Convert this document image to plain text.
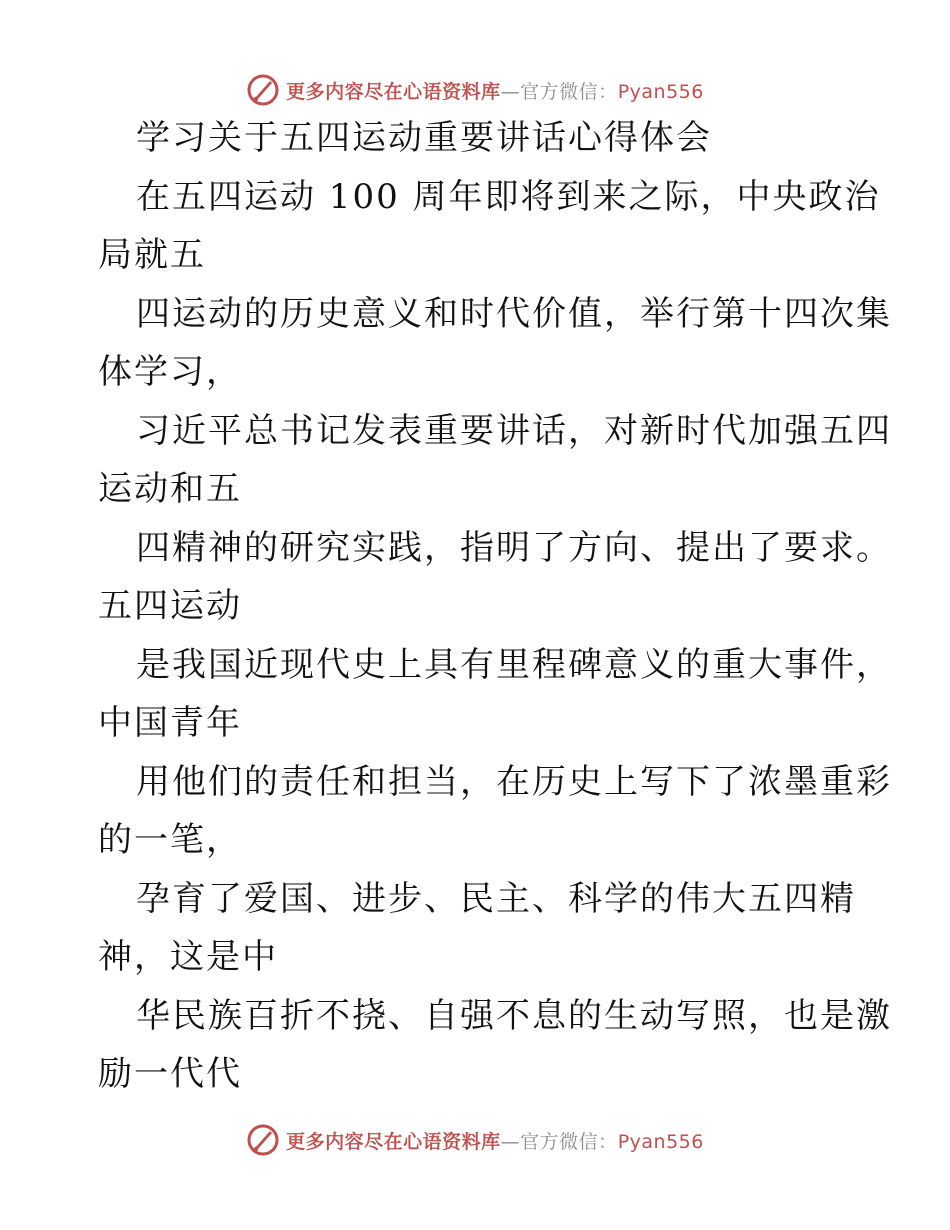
更多内容尽在心语资料库—官方微信：Pyan556
学习关于五四运动重要讲话心得体会
在五四运动 100 周年即将到来之际，中央政治
局就五
四运动的历史意义和时代价值，举行第十四次集
体学习，
习近平总书记发表重要讲话，对新时代加强五四
运动和五
四精神的研究实践，指明了方向、提出了要求。
五四运动
是我国近现代史上具有里程碑意义的重大事件，
中国青年
用他们的责任和担当，在历史上写下了浓墨重彩
的一笔，
孕育了爱国、进步、民主、科学的伟大五四精
神，这是中
华民族百折不挠、自强不息的生动写照，也是激
励一代代
更多内容尽在心语资料库—官方微信：Pyan556
